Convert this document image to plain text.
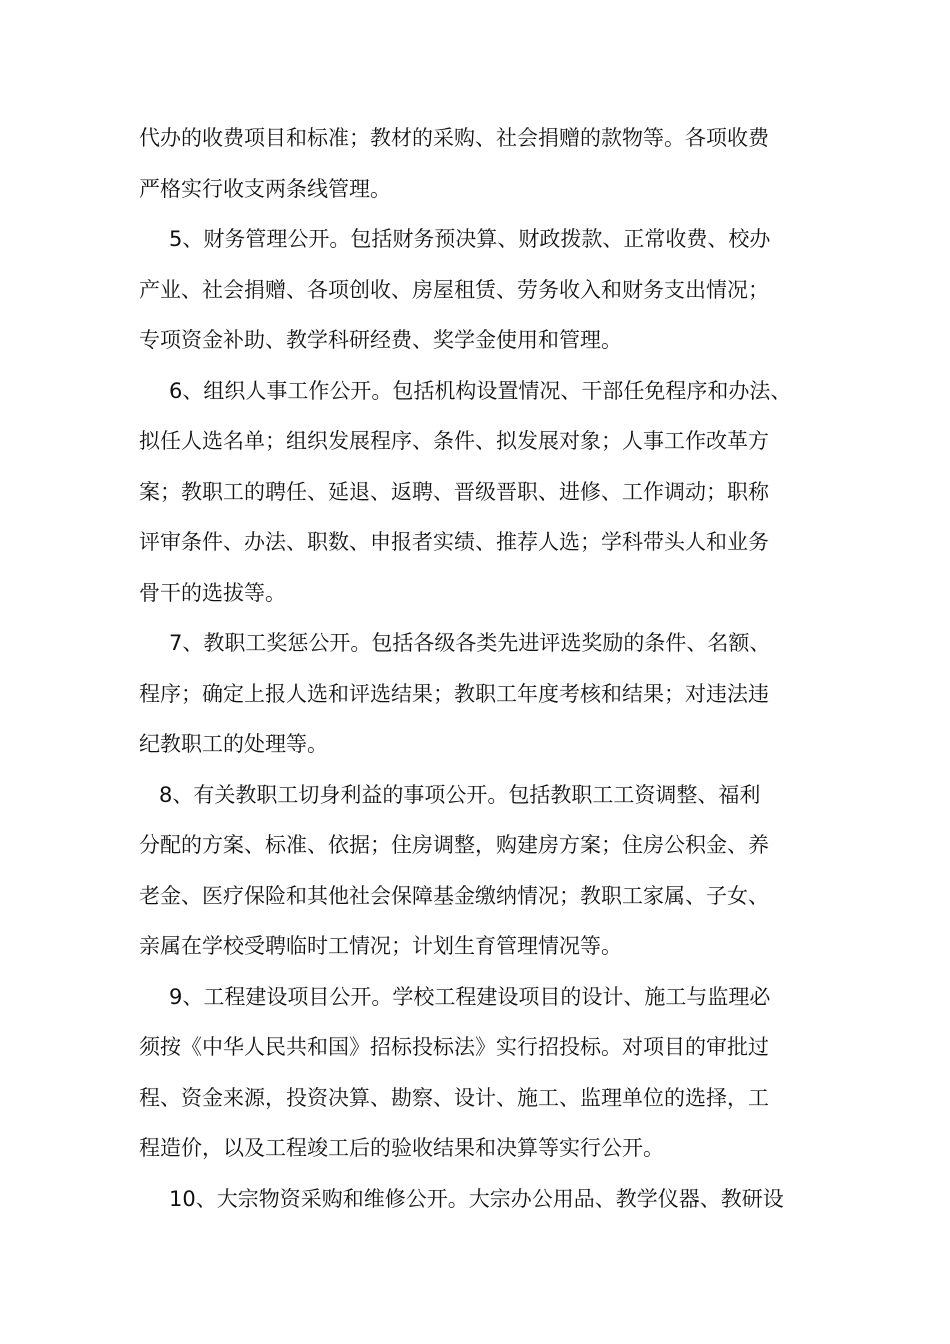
代办的收费项目和标准；教材的采购、社会捐赠的款物等。各项收费
严格实行收支两条线管理。
5、财务管理公开。包括财务预决算、财政拨款、正常收费、校办
产业、社会捐赠、各项创收、房屋租赁、劳务收入和财务支出情况；
专项资金补助、教学科研经费、奖学金使用和管理。
6、组织人事工作公开。包括机构设置情况、干部任免程序和办法、
拟任人选名单；组织发展程序、条件、拟发展对象；人事工作改革方
案；教职工的聘任、延退、返聘、晋级晋职、进修、工作调动；职称
评审条件、办法、职数、申报者实绩、推荐人选；学科带头人和业务
骨干的选拔等。
7、教职工奖惩公开。包括各级各类先进评选奖励的条件、名额、
程序；确定上报人选和评选结果；教职工年度考核和结果；对违法违
纪教职工的处理等。
8、有关教职工切身利益的事项公开。包括教职工工资调整、福利
分配的方案、标准、依据；住房调整，购建房方案；住房公积金、养
老金、医疗保险和其他社会保障基金缴纳情况；教职工家属、子女、
亲属在学校受聘临时工情况；计划生育管理情况等。
9、工程建设项目公开。学校工程建设项目的设计、施工与监理必
须按《中华人民共和国》招标投标法》实行招投标。对项目的审批过
程、资金来源，投资决算、勘察、设计、施工、监理单位的选择，工
程造价，以及工程竣工后的验收结果和决算等实行公开。
10、大宗物资采购和维修公开。大宗办公用品、教学仪器、教研设
